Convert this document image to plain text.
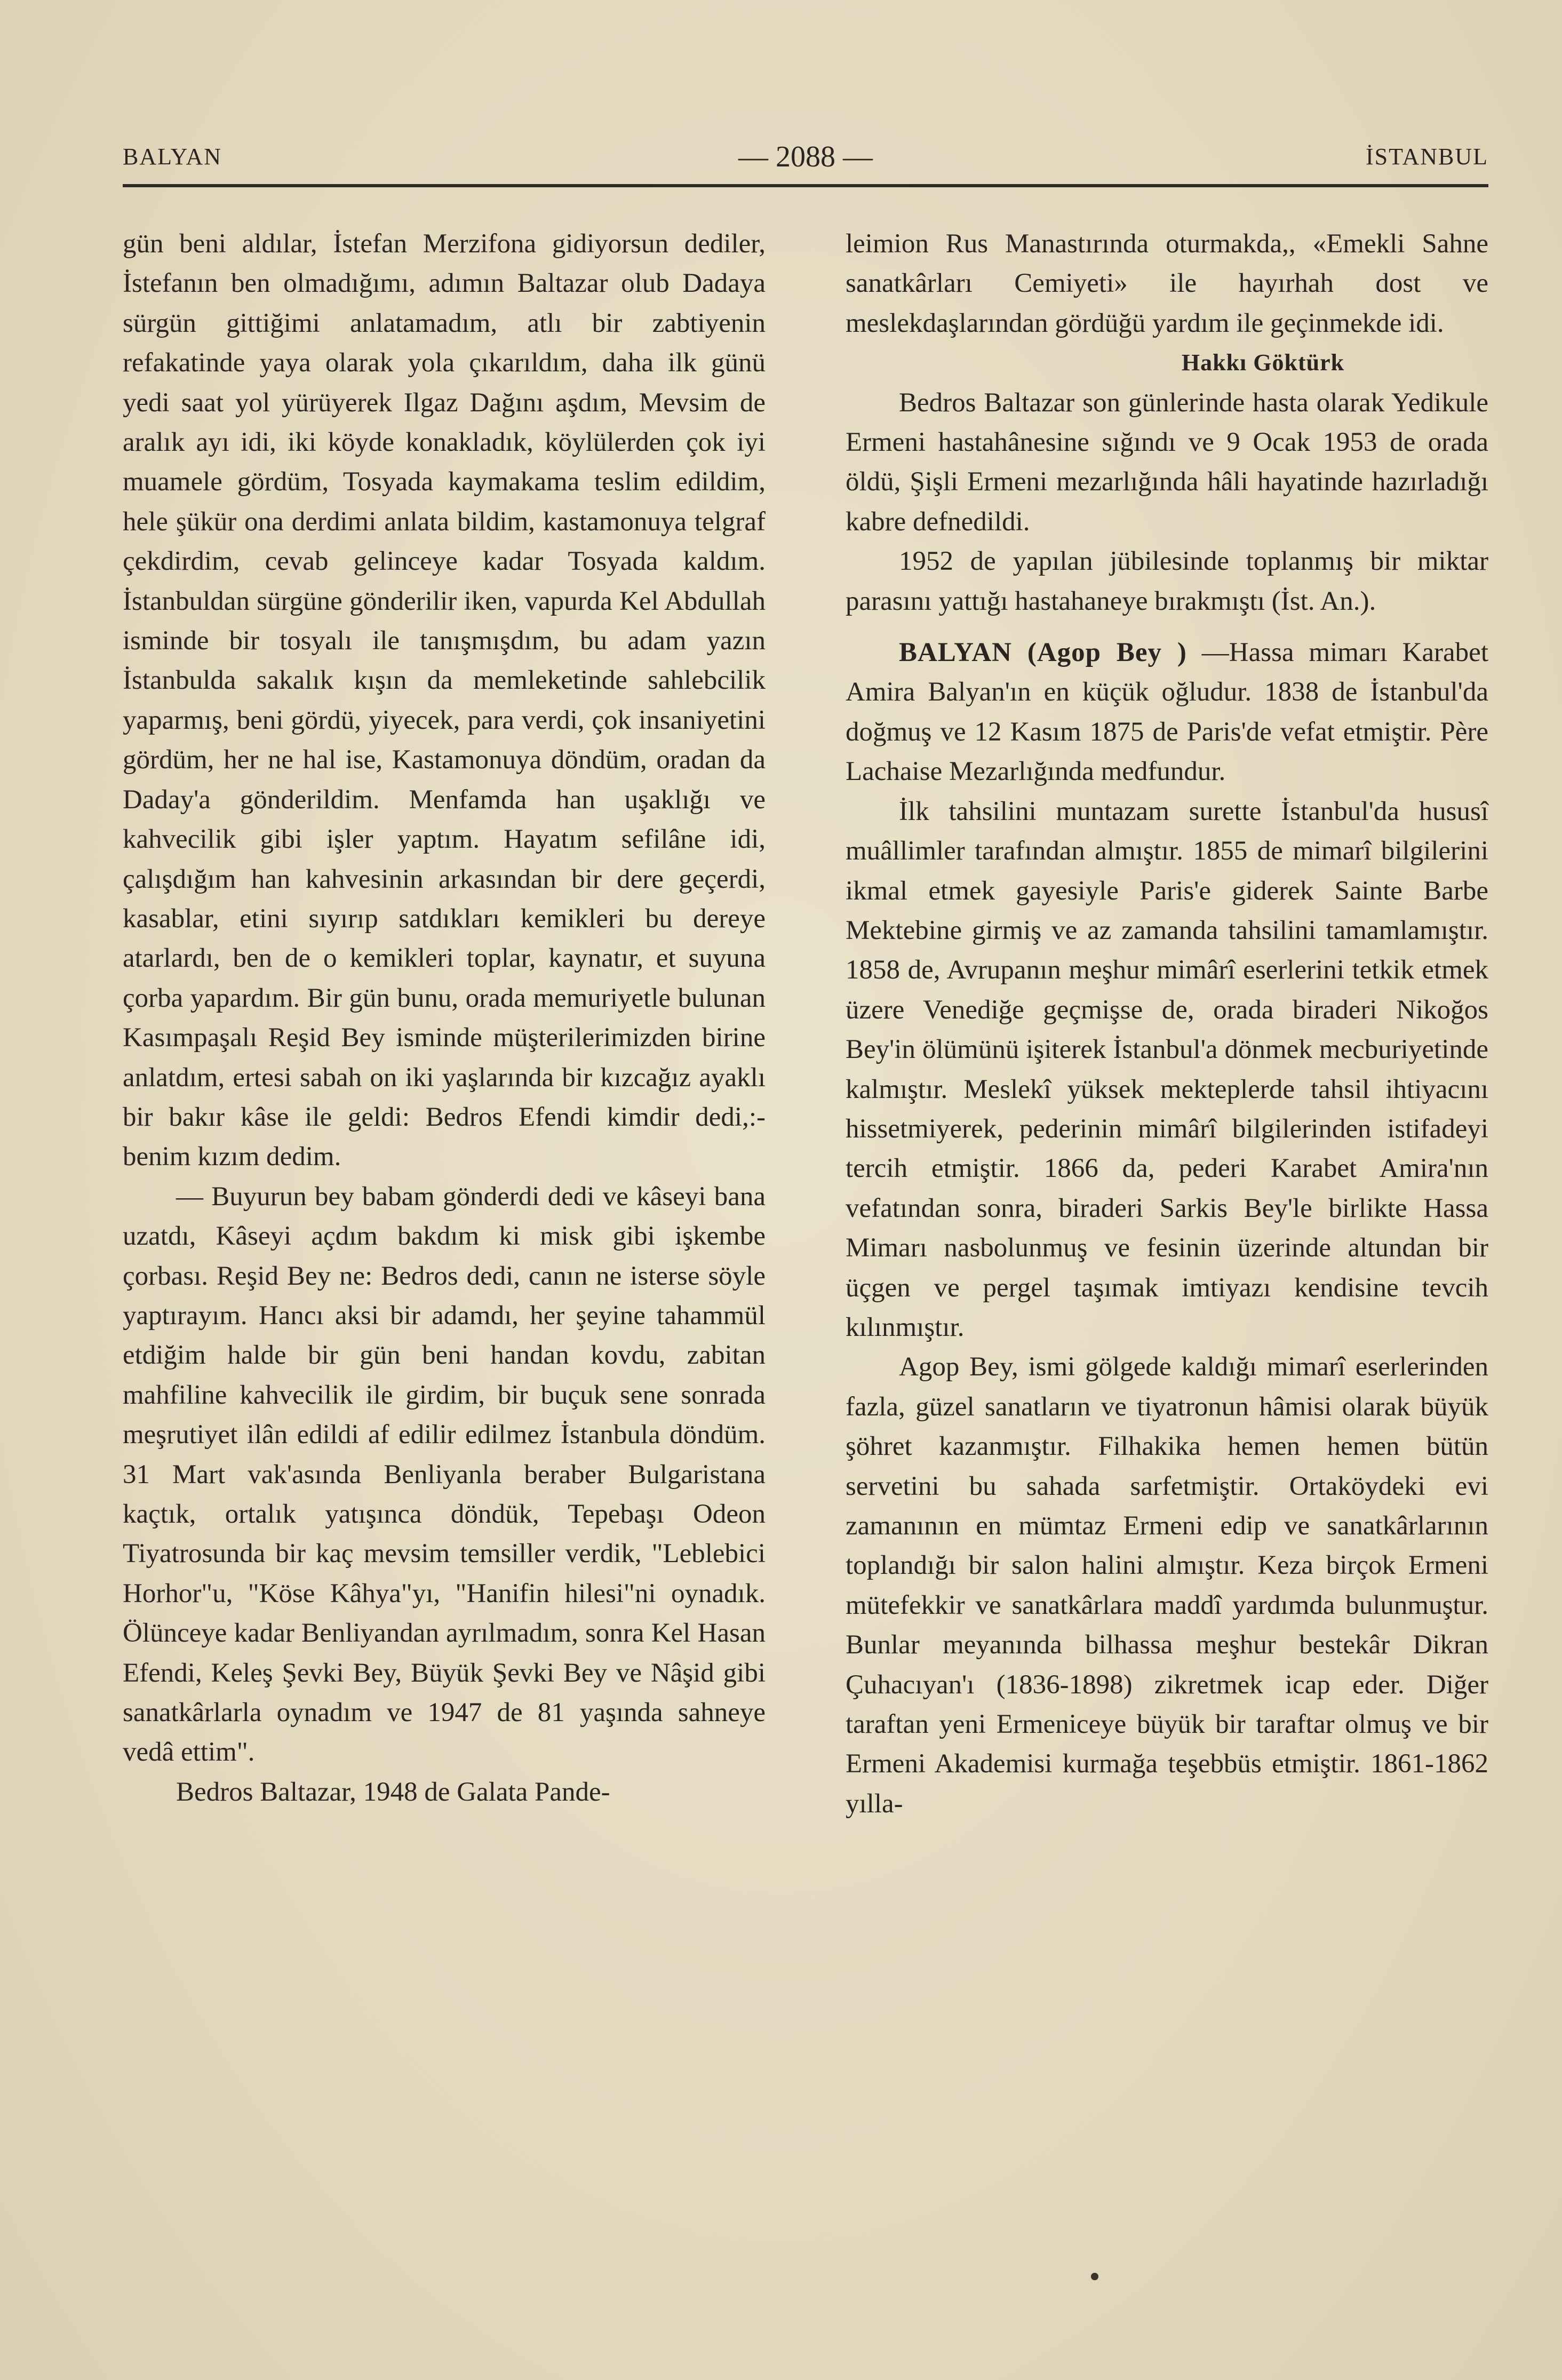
BALYAN	— 2088 —	İSTANBUL

gün beni aldılar, İstefan Merzifona gidiyorsun dediler, İstefanın ben olmadığımı, adımın Baltazar olub Dadaya sürgün gittiğimi anlatamadım, atlı bir zabtiyenin refakatinde yaya olarak yola çıkarıldım, daha ilk günü yedi saat yol yürüyerek Ilgaz Dağını aşdım, Mevsim de aralık ayı idi, iki köyde konakladık, köylülerden çok iyi muamele gördüm, Tosyada kaymakama teslim edildim, hele şükür ona derdimi anlata bildim, kastamonuya telgraf çekdirdim, cevab gelinceye kadar Tosyada kaldım. İstanbuldan sürgüne gönderilir iken, vapurda Kel Abdullah isminde bir tosyalı ile tanışmışdım, bu adam yazın İstanbulda sakalık kışın da memleketinde sahlebcilik yaparmış, beni gördü, yiyecek, para verdi, çok insaniyetini gördüm, her ne hal ise, Kastamonuya döndüm, oradan da Daday'a gönderildim. Menfamda han uşaklığı ve kahvecilik gibi işler yaptım. Hayatım sefilâne idi, çalışdığım han kahvesinin arkasından bir dere geçerdi, kasablar, etini sıyırıp satdıkları kemikleri bu dereye atarlardı, ben de o kemikleri toplar, kaynatır, et suyuna çorba yapardım. Bir gün bunu, orada memuriyetle bulunan Kasımpaşalı Reşid Bey isminde müşterilerimizden birine anlatdım, ertesi sabah on iki yaşlarında bir kızcağız ayaklı bir bakır kâse ile geldi: Bedros Efendi kimdir dedi,:- benim kızım dedim.

— Buyurun bey babam gönderdi dedi ve kâseyi bana uzatdı, Kâseyi açdım bakdım ki misk gibi işkembe çorbası. Reşid Bey ne: Bedros dedi, canın ne isterse söyle yaptırayım. Hancı aksi bir adamdı, her şeyine tahammül etdiğim halde bir gün beni handan kovdu, zabitan mahfiline kahvecilik ile girdim, bir buçuk sene sonrada meşrutiyet ilân edildi af edilir edilmez İstanbula döndüm. 31 Mart vak'asında Benliyanla beraber Bulgaristana kaçtık, ortalık yatışınca döndük, Tepebaşı Odeon Tiyatrosunda bir kaç mevsim temsiller verdik, "Leblebici Horhor"u, "Köse Kâhya"yı, "Hanifin hilesi"ni oynadık. Ölünceye kadar Benliyandan ayrılmadım, sonra Kel Hasan Efendi, Keleş Şevki Bey, Büyük Şevki Bey ve Nâşid gibi sanatkârlarla oynadım ve 1947 de 81 yaşında sahneye vedâ ettim".

Bedros Baltazar, 1948 de Galata Pande-

leimion Rus Manastırında oturmakda,, «Emekli Sahne sanatkârları Cemiyeti» ile hayırhah dost ve meslekdaşlarından gördüğü yardım ile geçinmekde idi.

Hakkı Göktürk

Bedros Baltazar son günlerinde hasta olarak Yedikule Ermeni hastahânesine sığındı ve 9 Ocak 1953 de orada öldü, Şişli Ermeni mezarlığında hâli hayatinde hazırladığı kabre defnedildi.

1952 de yapılan jübilesinde toplanmış bir miktar parasını yattığı hastahaneye bırakmıştı (İst. An.).

BALYAN (Agop Bey ) —Hassa mimarı Karabet Amira Balyan'ın en küçük oğludur. 1838 de İstanbul'da doğmuş ve 12 Kasım 1875 de Paris'de vefat etmiştir. Père Lachaise Mezarlığında medfundur.

İlk tahsilini muntazam surette İstanbul'da hususî muâllimler tarafından almıştır. 1855 de mimarî bilgilerini ikmal etmek gayesiyle Paris'e giderek Sainte Barbe Mektebine girmiş ve az zamanda tahsilini tamamlamıştır. 1858 de, Avrupanın meşhur mimârî eserlerini tetkik etmek üzere Venediğe geçmişse de, orada biraderi Nikoğos Bey'in ölümünü işiterek İstanbul'a dönmek mecburiyetinde kalmıştır. Meslekî yüksek mekteplerde tahsil ihtiyacını hissetmiyerek, pederinin mimârî bilgilerinden istifadeyi tercih etmiştir. 1866 da, pederi Karabet Amira'nın vefatından sonra, biraderi Sarkis Bey'le birlikte Hassa Mimarı nasbolunmuş ve fesinin üzerinde altundan bir üçgen ve pergel taşımak imtiyazı kendisine tevcih kılınmıştır.

Agop Bey, ismi gölgede kaldığı mimarî eserlerinden fazla, güzel sanatların ve tiyatronun hâmisi olarak büyük şöhret kazanmıştır. Filhakika hemen hemen bütün servetini bu sahada sarfetmiştir. Ortaköydeki evi zamanının en mümtaz Ermeni edip ve sanatkârlarının toplandığı bir salon halini almıştır. Keza birçok Ermeni mütefekkir ve sanatkârlara maddî yardımda bulunmuştur. Bunlar meyanında bilhassa meşhur bestekâr Dikran Çuhacıyan'ı (1836-1898) zikretmek icap eder. Diğer taraftan yeni Ermeniceye büyük bir taraftar olmuş ve bir Ermeni Akademisi kurmağa teşebbüs etmiştir. 1861-1862 yılla-
